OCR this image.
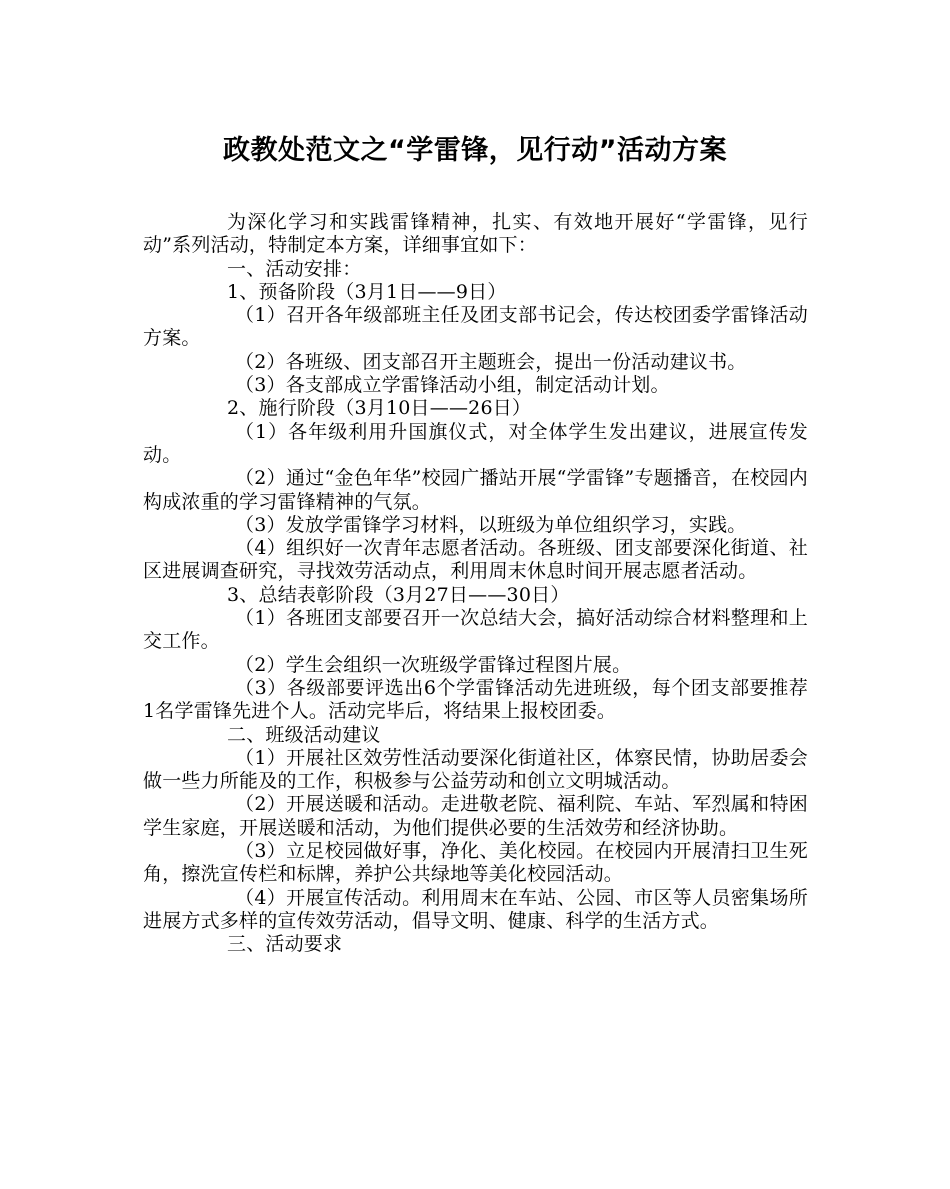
政教处范文之“学雷锋，见行动”活动方案

为深化学习和实践雷锋精神，扎实、有效地开展好“学雷锋，见行动”系列活动，特制定本方案，详细事宜如下：

一、活动安排：

1、预备阶段（3月1日——9日）

（1）召开各年级部班主任及团支部书记会，传达校团委学雷锋活动方案。

（2）各班级、团支部召开主题班会，提出一份活动建议书。

（3）各支部成立学雷锋活动小组，制定活动计划。

2、施行阶段（3月10日——26日）

（1）各年级利用升国旗仪式，对全体学生发出建议，进展宣传发动。

（2）通过“金色年华”校园广播站开展“学雷锋”专题播音，在校园内构成浓重的学习雷锋精神的气氛。

（3）发放学雷锋学习材料，以班级为单位组织学习，实践。

（4）组织好一次青年志愿者活动。各班级、团支部要深化街道、社区进展调查研究，寻找效劳活动点，利用周末休息时间开展志愿者活动。

3、总结表彰阶段（3月27日——30日）

（1）各班团支部要召开一次总结大会，搞好活动综合材料整理和上交工作。

（2）学生会组织一次班级学雷锋过程图片展。

（3）各级部要评选出6个学雷锋活动先进班级，每个团支部要推荐1名学雷锋先进个人。活动完毕后，将结果上报校团委。

二、班级活动建议

（1）开展社区效劳性活动要深化街道社区，体察民情，协助居委会做一些力所能及的工作，积极参与公益劳动和创立文明城活动。

（2）开展送暖和活动。走进敬老院、福利院、车站、军烈属和特困学生家庭，开展送暖和活动，为他们提供必要的生活效劳和经济协助。

（3）立足校园做好事，净化、美化校园。在校园内开展清扫卫生死角，擦洗宣传栏和标牌，养护公共绿地等美化校园活动。

（4）开展宣传活动。利用周末在车站、公园、市区等人员密集场所进展方式多样的宣传效劳活动，倡导文明、健康、科学的生活方式。

三、活动要求
